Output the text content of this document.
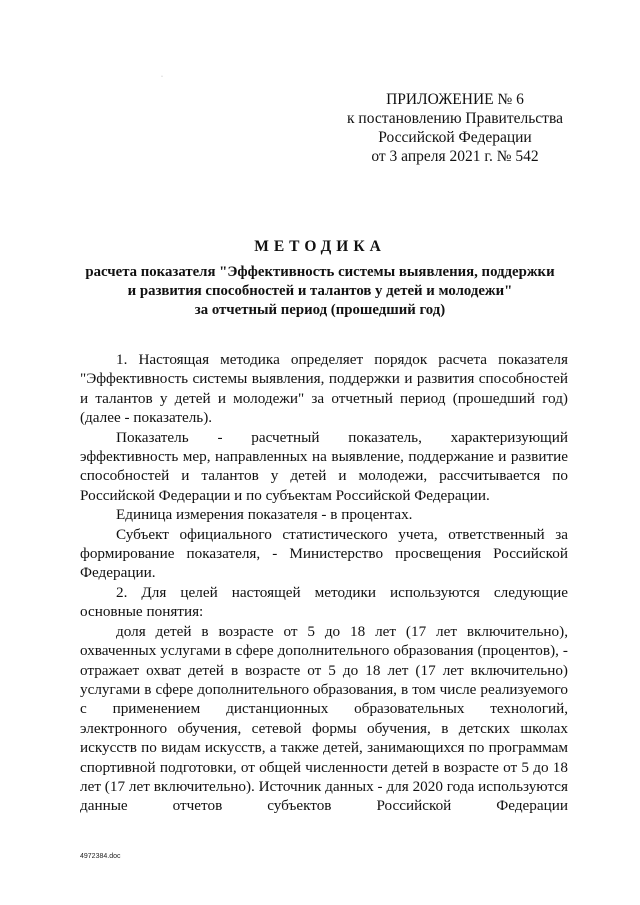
·
ПРИЛОЖЕНИЕ № 6
к постановлению Правительства
Российской Федерации
от 3 апреля 2021 г. № 542
МЕТОДИКА
расчета показателя "Эффективность системы выявления, поддержки
и развития способностей и талантов у детей и молодежи"
за отчетный период (прошедший год)

1. Настоящая методика определяет порядок расчета показателя "Эффективность системы выявления, поддержки и развития способностей и талантов у детей и молодежи" за отчетный период (прошедший год) (далее - показатель).

Показатель - расчетный показатель, характеризующий эффективность мер, направленных на выявление, поддержание и развитие способностей и талантов у детей и молодежи, рассчитывается по Российской Федерации и по субъектам Российской Федерации.

Единица измерения показателя - в процентах.

Субъект официального статистического учета, ответственный за формирование показателя, - Министерство просвещения Российской Федерации.

2. Для целей настоящей методики используются следующие основные понятия:

доля детей в возрасте от 5 до 18 лет (17 лет включительно), охваченных услугами в сфере дополнительного образования (процентов), - отражает охват детей в возрасте от 5 до 18 лет (17 лет включительно) услугами в сфере дополнительного образования, в том числе реализуемого с применением дистанционных образовательных технологий, электронного обучения, сетевой формы обучения, в детских школах искусств по видам искусств, а также детей, занимающихся по программам спортивной подготовки, от общей численности детей в возрасте от 5 до 18 лет (17 лет включительно). Источник данных - для 2020 года используются данные отчетов субъектов Российской Федерации

4972384.doc
